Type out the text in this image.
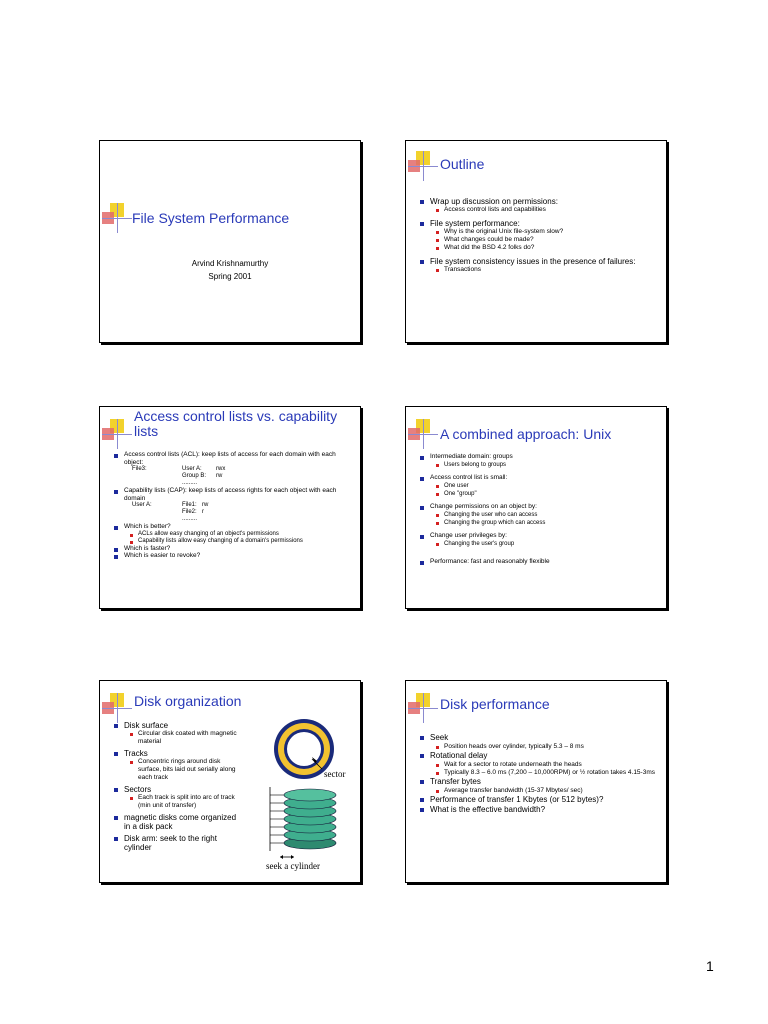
File System Performance
Arvind Krishnamurthy
Spring 2001
Outline
Wrap up discussion on permissions:
Access control lists and capabilities
File system performance:
Why is the original Unix file-system slow?
What changes could be made?
What did the BSD 4.2 folks do?
File system consistency issues in the presence of failures:
Transactions
Access control lists vs. capability lists
Access control lists (ACL): keep lists of access for each domain with each object:
File3:	User A: rwx
Group B: rw
.........
Capability lists (CAP): keep lists of access rights for each object with each domain
User A:	File1: rw
File2: r
.........
Which is better?
ACLs allow easy changing of an object's permissions
Capability lists allow easy changing of a domain's permissions
Which is faster?
Which is easier to revoke?
A combined approach: Unix
Intermediate domain: groups
Users belong to groups
Access control list is small:
One user
One "group"
Change permissions on an object by:
Changing the user who can access
Changing the group which can access
Change user privileges by:
Changing the user's group
Performance: fast and reasonably flexible
Disk organization
Disk surface
Circular disk coated with magnetic material
Tracks
Concentric rings around disk surface, bits laid out serially along each track
Sectors
Each track is split into arc of track (min unit of transfer)
magnetic disks come organized in a disk pack
Disk arm: seek to the right cylinder
sector
seek a cylinder
Disk performance
Seek
Position heads over cylinder, typically 5.3 – 8 ms
Rotational delay
Wait for a sector to rotate underneath the heads
Typically 8.3 – 6.0 ms (7,200 – 10,000RPM) or ½ rotation takes 4.15-3ms
Transfer bytes
Average transfer bandwidth (15-37 Mbytes/ sec)
Performance of transfer 1 Kbytes (or 512 bytes)?
What is the effective bandwidth?
1
